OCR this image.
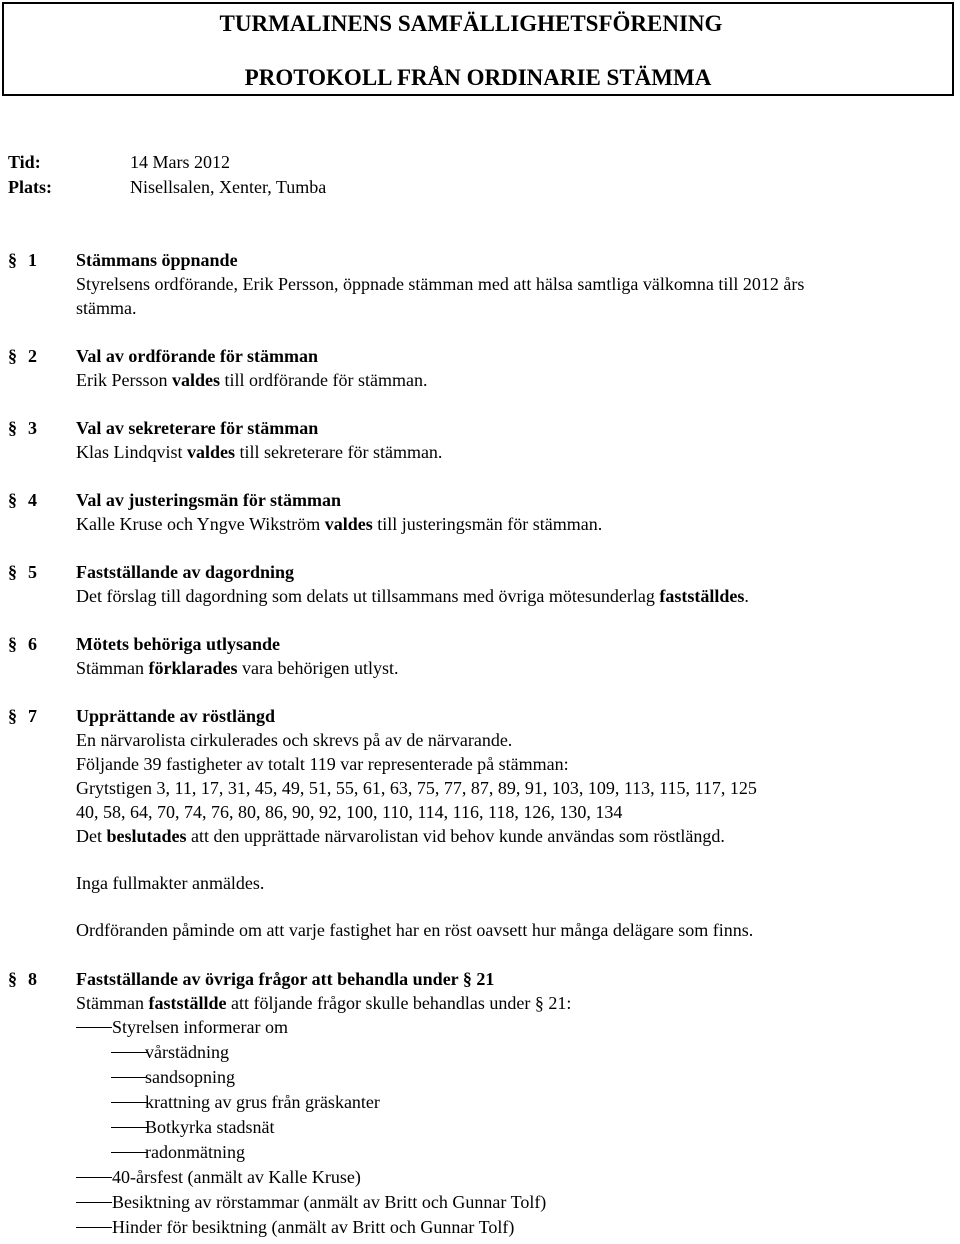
TURMALINENS SAMFÄLLIGHETSFÖRENING
PROTOKOLL FRÅN ORDINARIE STÄMMA
Tid:	14 Mars 2012
Plats:	Nisellsalen, Xenter, Tumba
§ 1 Stämmans öppnande
Styrelsens ordförande, Erik Persson, öppnade stämman med att hälsa samtliga välkomna till 2012 års
stämma.
§ 2 Val av ordförande för stämman
Erik Persson valdes till ordförande för stämman.
§ 3 Val av sekreterare för stämman
Klas Lindqvist valdes till sekreterare för stämman.
§ 4 Val av justeringsmän för stämman
Kalle Kruse och Yngve Wikström valdes till justeringsmän för stämman.
§ 5 Fastställande av dagordning
Det förslag till dagordning som delats ut tillsammans med övriga mötesunderlag fastställdes.
§ 6 Mötets behöriga utlysande
Stämman förklarades vara behörigen utlyst.
§ 7 Upprättande av röstlängd
En närvarolista cirkulerades och skrevs på av de närvarande.
Följande 39 fastigheter av totalt 119 var representerade på stämman:
Grytstigen 3, 11, 17, 31, 45, 49, 51, 55, 61, 63, 75, 77, 87, 89, 91, 103, 109, 113, 115, 117, 125
40, 58, 64, 70, 74, 76, 80, 86, 90, 92, 100, 110, 114, 116, 118, 126, 130, 134
Det beslutades att den upprättade närvarolistan vid behov kunde användas som röstlängd.
Inga fullmakter anmäldes.
Ordföranden påminde om att varje fastighet har en röst oavsett hur många delägare som finns.
§ 8 Fastställande av övriga frågor att behandla under § 21
Stämman fastställde att följande frågor skulle behandlas under § 21:
Styrelsen informerar om
vårstädning
sandsopning
krattning av grus från gräskanter
Botkyrka stadsnät
radonmätning
40-årsfest (anmält av Kalle Kruse)
Besiktning av rörstammar (anmält av Britt och Gunnar Tolf)
Hinder för besiktning (anmält av Britt och Gunnar Tolf)
